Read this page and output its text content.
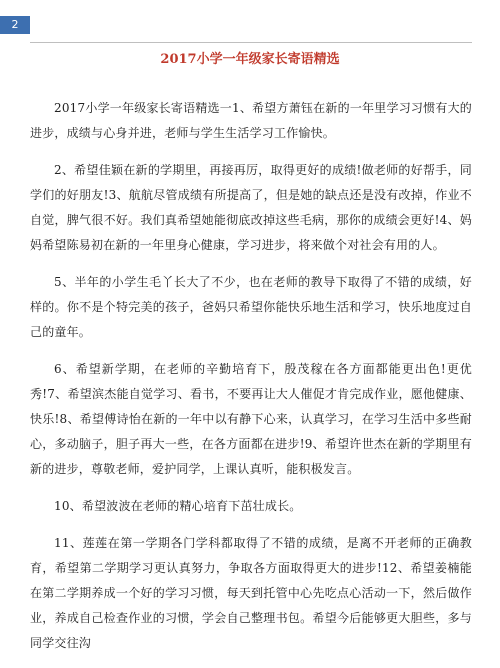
2
2017小学一年级家长寄语精选

2017小学一年级家长寄语精选一1、希望方萧钰在新的一年里学习习惯有大的进步，成绩与心身并进，老师与学生生活学习工作愉快。

2、希望佳颖在新的学期里，再接再厉，取得更好的成绩!做老师的好帮手，同学们的好朋友!3、航航尽管成绩有所提高了，但是她的缺点还是没有改掉，作业不自觉，脾气很不好。我们真希望她能彻底改掉这些毛病，那你的成绩会更好!4、妈妈希望陈易初在新的一年里身心健康，学习进步，将来做个对社会有用的人。

5、半年的小学生毛丫长大了不少，也在老师的教导下取得了不错的成绩，好样的。你不是个特完美的孩子，爸妈只希望你能快乐地生活和学习，快乐地度过自己的童年。

6、希望新学期，在老师的辛勤培育下，殷茂稼在各方面都能更出色!更优秀!7、希望滨杰能自觉学习、看书，不要再让大人催促才肯完成作业，愿他健康、快乐!8、希望傅诗怡在新的一年中以有静下心来，认真学习，在学习生活中多些耐心，多动脑子，胆子再大一些，在各方面都在进步!9、希望许世杰在新的学期里有新的进步，尊敬老师，爱护同学，上课认真听，能积极发言。

10、希望波波在老师的精心培育下茁壮成长。

11、莲莲在第一学期各门学科都取得了不错的成绩，是离不开老师的正确教育，希望第二学期学习更认真努力，争取各方面取得更大的进步!12、希望姜楠能在第二学期养成一个好的学习习惯，每天到托管中心先吃点心活动一下，然后做作业，养成自己检查作业的习惯，学会自己整理书包。希望今后能够更大胆些，多与同学交往沟
